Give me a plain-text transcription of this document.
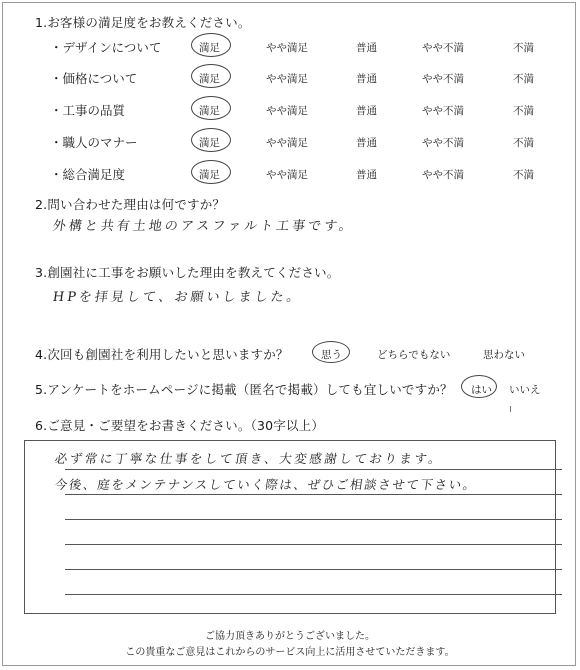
1.お客様の満足度をお教えください。
・デザインについて	満足	やや満足	普通	やや不満	不満
・価格について	満足	やや満足	普通	やや不満	不満
・工事の品質	満足	やや満足	普通	やや不満	不満
・職人のマナー	満足	やや満足	普通	やや不満	不満
・総合満足度	満足	やや満足	普通	やや不満	不満
2.問い合わせた理由は何ですか？
外構と共有土地のアスファルト工事です。
3.創園社に工事をお願いした理由を教えてください。
HPを拝見して、お願いしました。
4.次回も創園社を利用したいと思いますか？	思う	どちらでもない	思わない
5.アンケートをホームページに掲載（匿名で掲載）しても宜しいですか？ はい いいえ
6.ご意見・ご要望をお書きください。（30字以上）
必ず常に丁寧な仕事をして頂き、大変感謝しております。
今後、庭をメンテナンスしていく際は、ぜひご相談させて下さい。
ご協力頂きありがとうございました。
この貴重なご意見はこれからのサービス向上に活用させていただきます。
